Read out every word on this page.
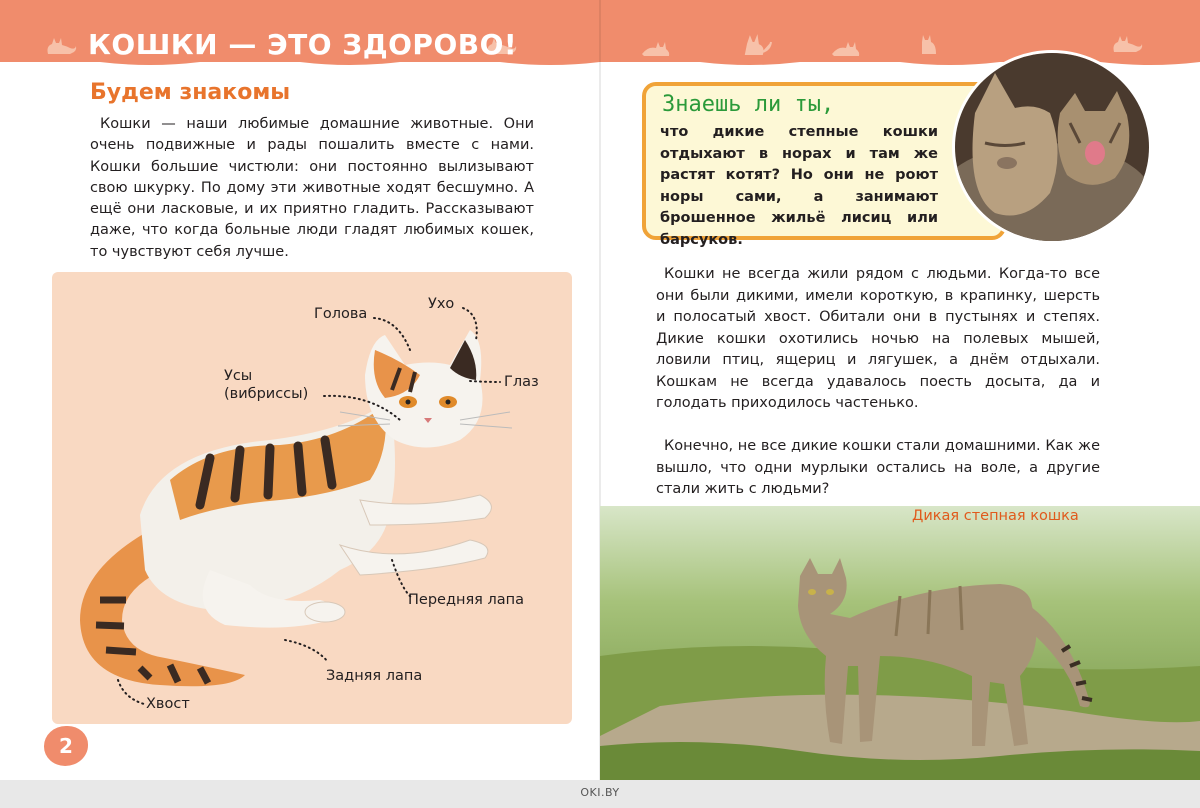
КОШКИ — ЭТО ЗДОРОВО!
Будем знакомы
Кошки — наши любимые домашние животные. Они очень подвижные и рады пошалить вместе с нами. Кошки большие чистюли: они постоянно вылизывают свою шкурку. По дому эти животные ходят бесшумно. А ещё они ласковые, и их приятно гладить. Рассказывают даже, что когда больные люди гладят любимых кошек, то чувствуют себя лучше.
Голова
Ухо
Усы
(вибриссы)
Глаз
Передняя лапа
Задняя лапа
Хвост
2
Знаешь ли ты,
что дикие степные кошки отдыхают в норах и там же растят котят? Но они не роют норы сами, а занимают брошенное жильё лисиц или барсуков.
Кошки не всегда жили рядом с людьми. Когда-то все они были дикими, имели короткую, в крапинку, шерсть и полосатый хвост. Обитали они в пустынях и степях. Дикие кошки охотились ночью на полевых мышей, ловили птиц, ящериц и лягушек, а днём отдыхали. Кошкам не всегда удавалось поесть досыта, да и голодать приходилось частенько.
Конечно, не все дикие кошки стали домашними. Как же вышло, что одни мурлыки остались на воле, а другие стали жить с людьми?
Дикая степная кошка
OKI.BY
